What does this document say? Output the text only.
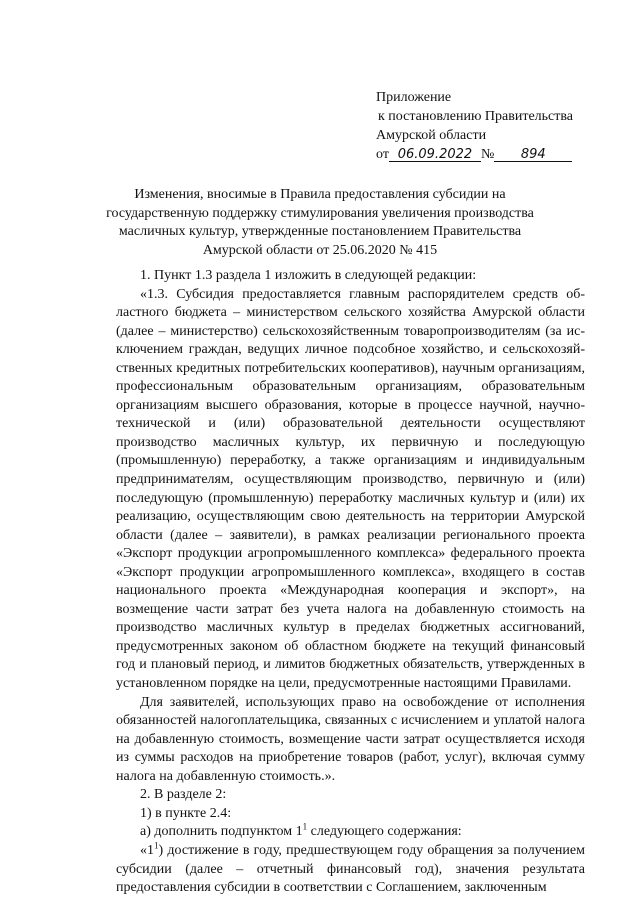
Приложение
к постановлению Правительства
Амурской области
от 06.09.2022 № 894
Изменения, вносимые в Правила предоставления субсидии на государственную поддержку стимулирования увеличения производства масличных культур, утвержденные постановлением Правительства Амурской области от 25.06.2020 № 415

1. Пункт 1.3 раздела 1 изложить в следующей редакции:

«1.3. Субсидия предоставляется главным распорядителем средств областного бюджета – министерством сельского хозяйства Амурской области (далее – министерство) сельскохозяйственным товаропроизводителям (за исключением граждан, ведущих личное подсобное хозяйство, и сельскохозяйственных кредитных потребительских кооперативов), научным организациям, профессиональным образовательным организациям, образовательным организациям высшего образования, которые в процессе научной, научно-технической и (или) образовательной деятельности осуществляют производство масличных культур, их первичную и последующую (промышленную) переработку, а также организациям и индивидуальным предпринимателям, осуществляющим производство, первичную и (или) последующую (промышленную) переработку масличных культур и (или) их реализацию, осуществляющим свою деятельность на территории Амурской области (далее – заявители), в рамках реализации регионального проекта «Экспорт продукции агропромышленного комплекса» федерального проекта «Экспорт продукции агропромышленного комплекса», входящего в состав национального проекта «Международная кооперация и экспорт», на возмещение части затрат без учета налога на добавленную стоимость на производство масличных культур в пределах бюджетных ассигнований, предусмотренных законом об областном бюджете на текущий финансовый год и плановый период, и лимитов бюджетных обязательств, утвержденных в установленном порядке на цели, предусмотренные настоящими Правилами.

Для заявителей, использующих право на освобождение от исполнения обязанностей налогоплательщика, связанных с исчислением и уплатой налога на добавленную стоимость, возмещение части затрат осуществляется исходя из суммы расходов на приобретение товаров (работ, услуг), включая сумму налога на добавленную стоимость.».

2. В разделе 2:

1) в пункте 2.4:

а) дополнить подпунктом $1^1$ следующего содержания:

«$1^1$) достижение в году, предшествующем году обращения за получением субсидии (далее – отчетный финансовый год), значения результата предоставления субсидии в соответствии с Соглашением, заключенным
